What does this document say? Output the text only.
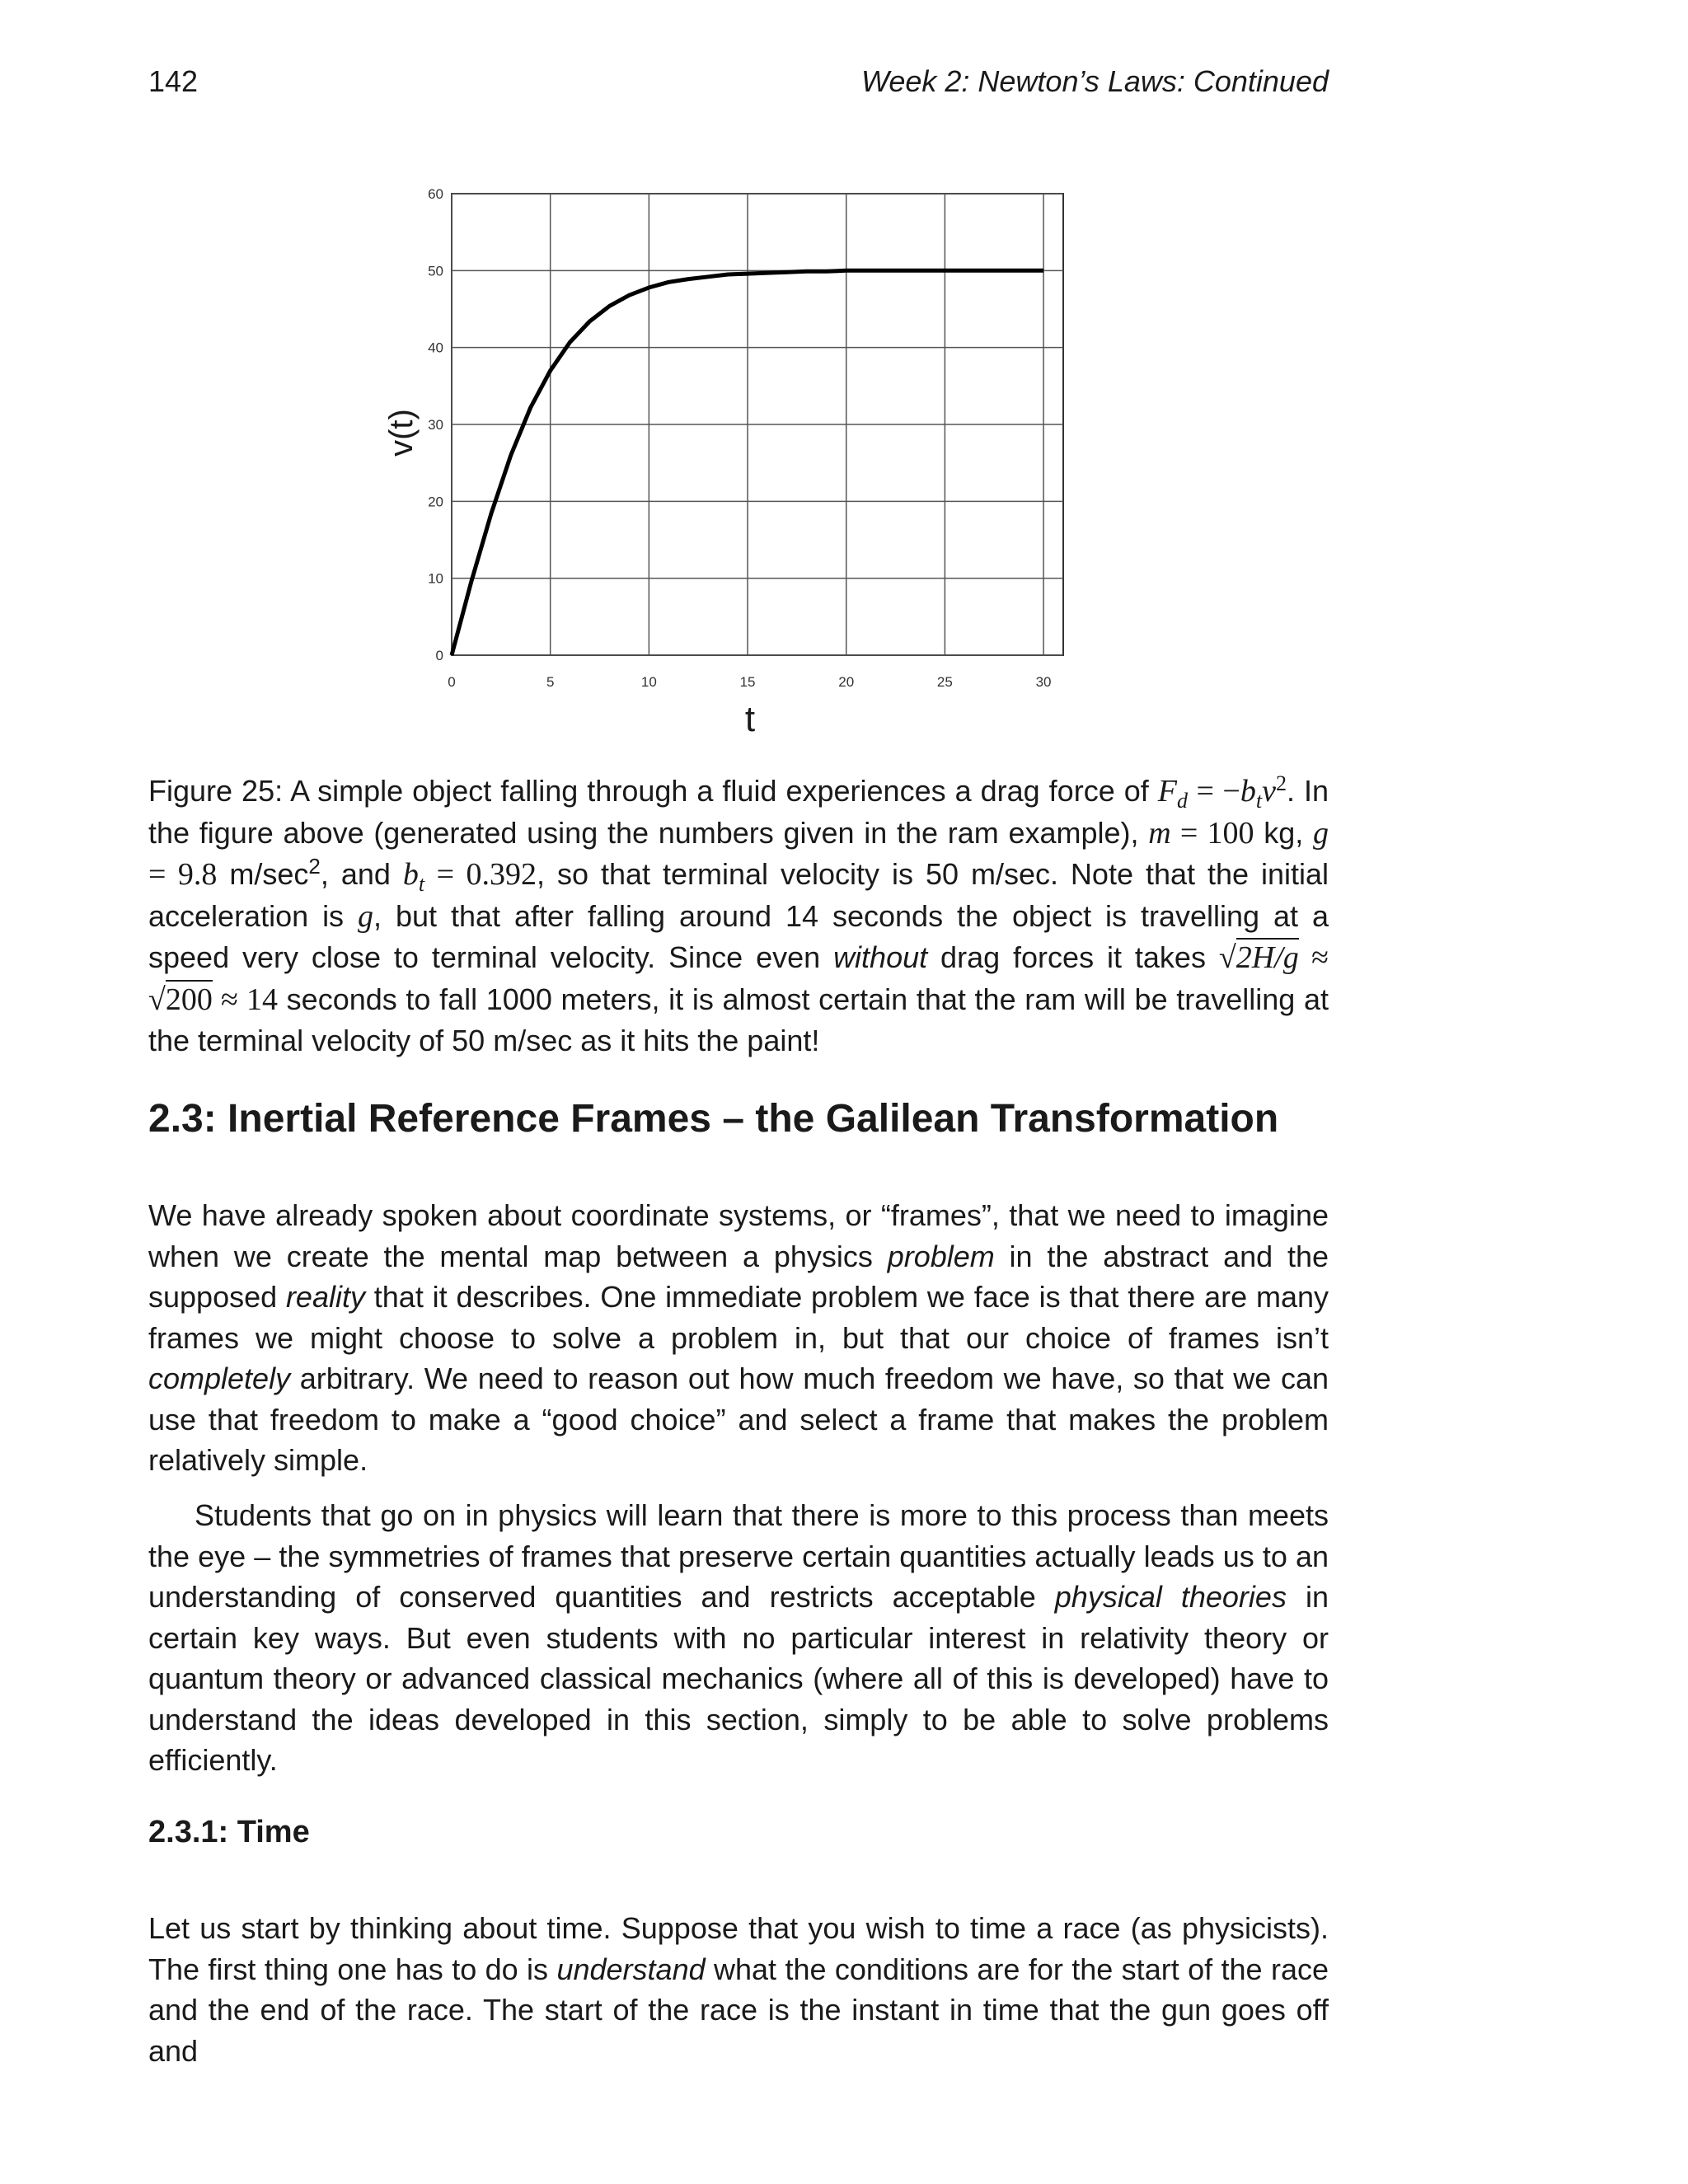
142	Week 2: Newton’s Laws: Continued
0
10
20
30
40
50
60
0	5	10	15	20	25	30
v(t)
t

Figure 25: A simple object falling through a fluid experiences a drag force of $F_d = -b_tv^2$. In the figure above (generated using the numbers given in the ram example), m = 100 kg, g = 9.8 $m/\sec^2$, and $b_t = 0.392$, so that terminal velocity is 50 m/sec. Note that the initial acceleration is g, but that after falling around 14 seconds the object is travelling at a speed very close to terminal velocity. Since even without drag forces it takes √2H/g ≈ √200 ≈ 14 seconds to fall 1000 meters, it is almost certain that the ram will be travelling at the terminal velocity of 50 m/sec as it hits the paint!

2.3: Inertial Reference Frames – the Galilean Transformation

We have already spoken about coordinate systems, or “frames”, that we need to imagine when we create the mental map between a physics problem in the abstract and the supposed reality that it describes. One immediate problem we face is that there are many frames we might choose to solve a problem in, but that our choice of frames isn’t completely arbitrary. We need to reason out how much freedom we have, so that we can use that freedom to make a “good choice” and select a frame that makes the problem relatively simple.

Students that go on in physics will learn that there is more to this process than meets the eye – the symmetries of frames that preserve certain quantities actually leads us to an understanding of conserved quantities and restricts acceptable physical theories in certain key ways. But even students with no particular interest in relativity theory or quantum theory or advanced classical mechanics (where all of this is developed) have to understand the ideas developed in this section, simply to be able to solve problems efficiently.

2.3.1: Time

Let us start by thinking about time. Suppose that you wish to time a race (as physicists). The first thing one has to do is understand what the conditions are for the start of the race and the end of the race. The start of the race is the instant in time that the gun goes off and
